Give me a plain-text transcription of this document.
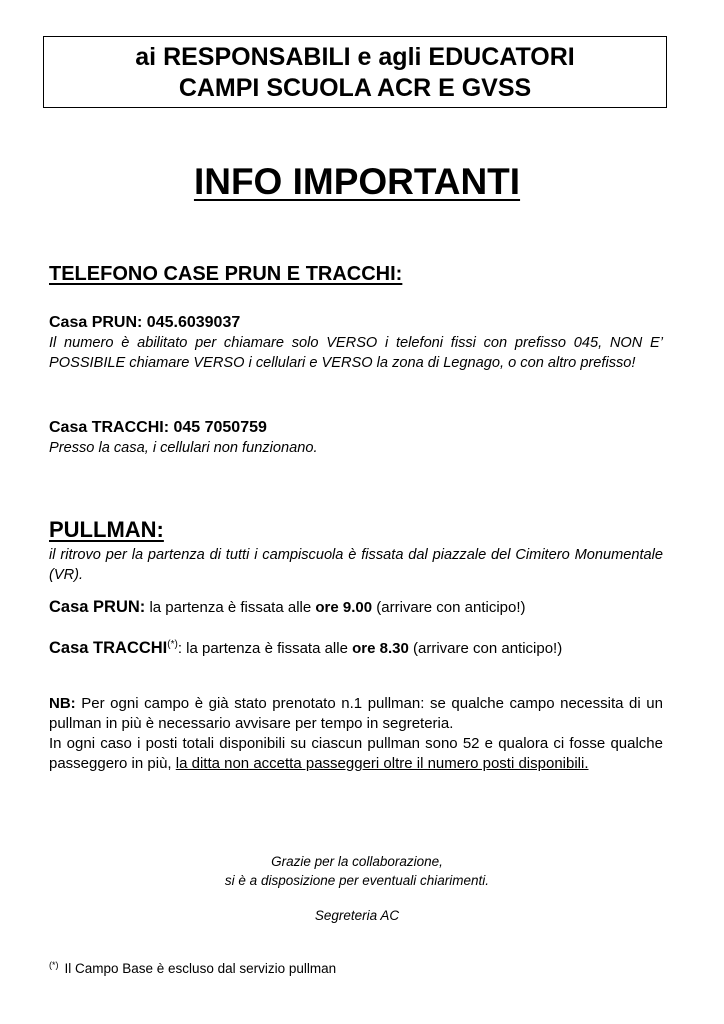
ai RESPONSABILI e agli EDUCATORI
CAMPI SCUOLA ACR E GVSS
INFO IMPORTANTI
TELEFONO CASE PRUN E TRACCHI:
Casa PRUN: 045.6039037
Il numero è abilitato per chiamare solo VERSO i telefoni fissi con prefisso 045, NON E’ POSSIBILE chiamare VERSO i cellulari e VERSO la zona di Legnago, o con altro prefisso!
Casa TRACCHI: 045 7050759
Presso la casa, i cellulari non funzionano.
PULLMAN:
il ritrovo per la partenza di tutti i campiscuola è fissata dal piazzale del Cimitero Monumentale (VR).
Casa PRUN: la partenza è fissata alle ore 9.00 (arrivare con anticipo!)
Casa TRACCHI(*): la partenza è fissata alle ore 8.30 (arrivare con anticipo!)
NB: Per ogni campo è già stato prenotato n.1 pullman: se qualche campo necessita di un pullman in più è necessario avvisare per tempo in segreteria.
In ogni caso i posti totali disponibili su ciascun pullman sono 52 e qualora ci fosse qualche passeggero in più, la ditta non accetta passeggeri oltre il numero posti disponibili.
Grazie per la collaborazione,
si è a disposizione per eventuali chiarimenti.
Segreteria AC
(*) Il Campo Base è escluso dal servizio pullman
